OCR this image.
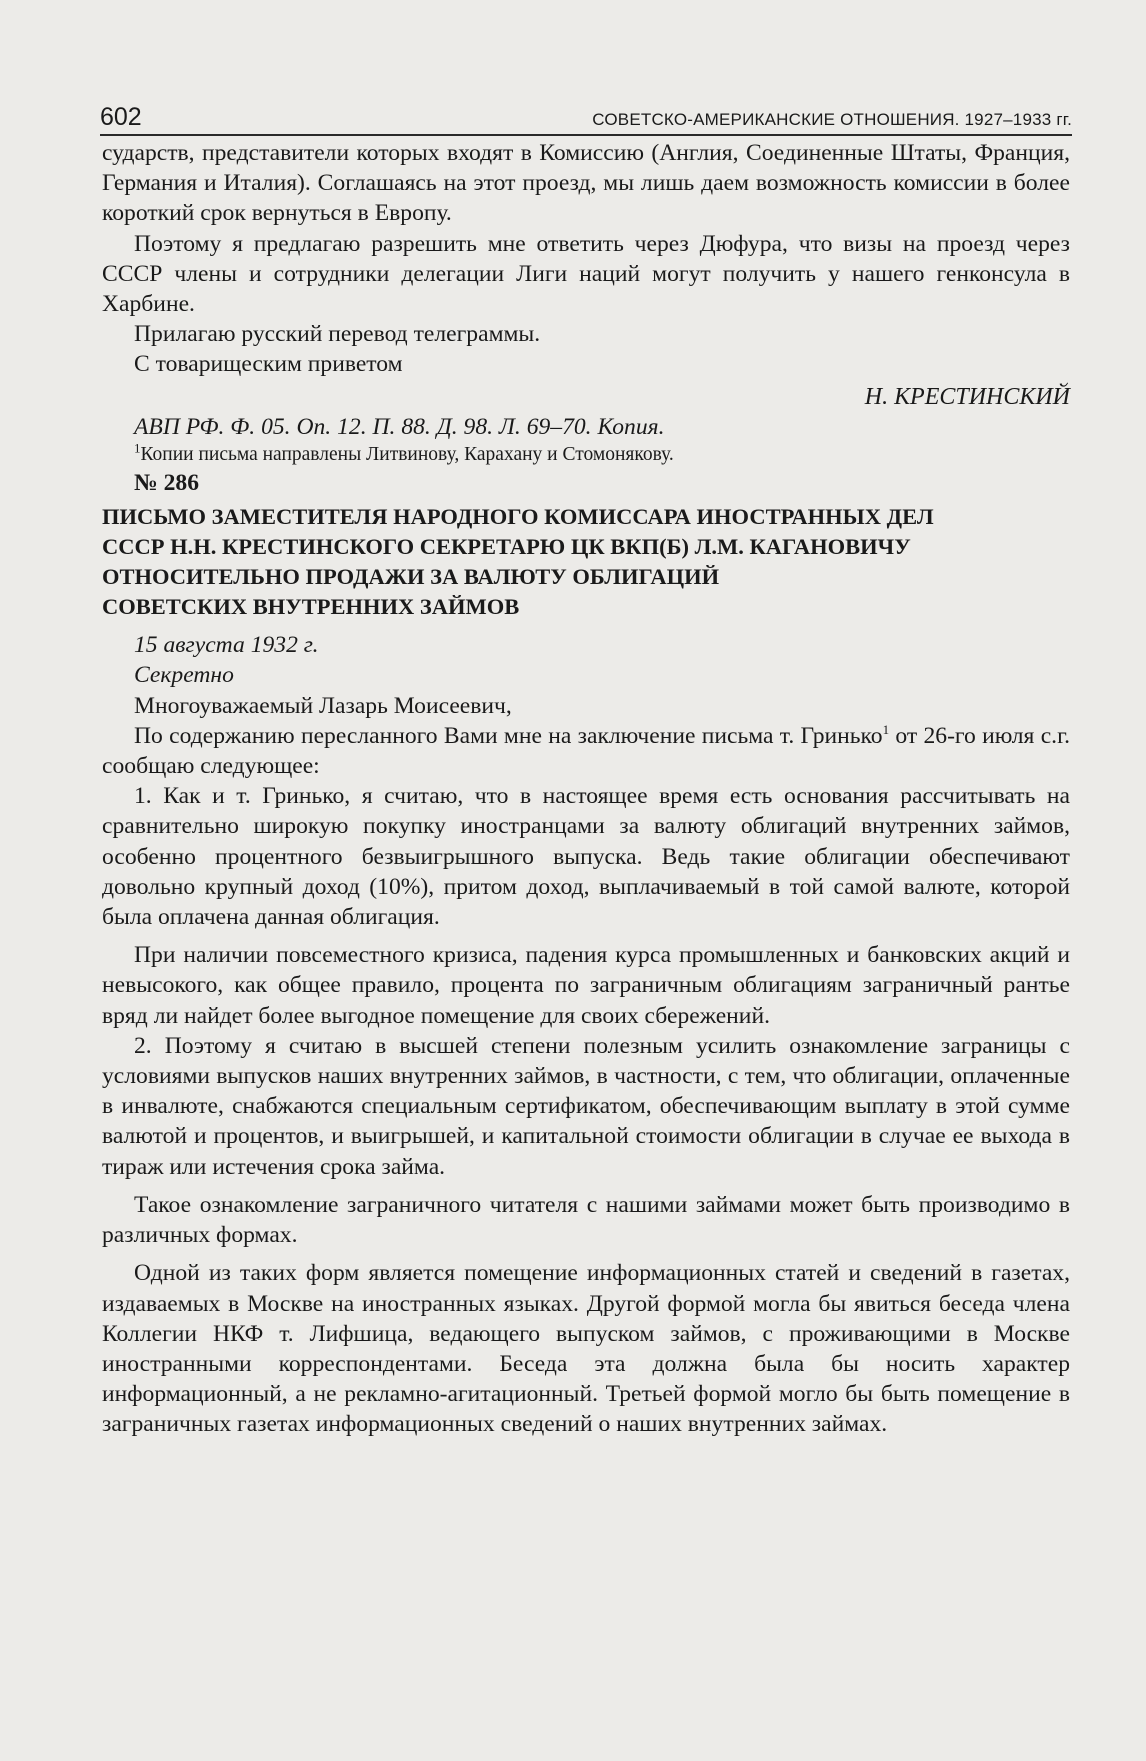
602	СОВЕТСКО-АМЕРИКАНСКИЕ ОТНОШЕНИЯ. 1927–1933 гг.

сударств, представители которых входят в Комиссию (Англия, Соединенные Штаты, Франция, Германия и Италия). Соглашаясь на этот проезд, мы лишь даем возможность комиссии в более короткий срок вернуться в Европу.

Поэтому я предлагаю разрешить мне ответить через Дюфура, что визы на проезд через СССР члены и сотрудники делегации Лиги наций могут получить у нашего генконсула в Харбине.

Прилагаю русский перевод телеграммы.

С товарищеским приветом

Н. КРЕСТИНСКИЙ

АВП РФ. Ф. 05. Оп. 12. П. 88. Д. 98. Л. 69–70. Копия.

$^1$Копии письма направлены Литвинову, Карахану и Стомонякову.

№ 286

ПИСЬМО ЗАМЕСТИТЕЛЯ НАРОДНОГО КОМИССАРА ИНОСТРАННЫХ ДЕЛ
СССР Н.Н. КРЕСТИНСКОГО СЕКРЕТАРЮ ЦК ВКП(Б) Л.М. КАГАНОВИЧУ
ОТНОСИТЕЛЬНО ПРОДАЖИ ЗА ВАЛЮТУ ОБЛИГАЦИЙ
СОВЕТСКИХ ВНУТРЕННИХ ЗАЙМОВ

15 августа 1932 г.

Секретно

Многоуважаемый Лазарь Моисеевич,

По содержанию пересланного Вами мне на заключение письма т. Гринько$^1$ от 26-го июля с.г. сообщаю следующее:

1. Как и т. Гринько, я считаю, что в настоящее время есть основания рассчитывать на сравнительно широкую покупку иностранцами за валюту облигаций внутренних займов, особенно процентного безвыигрышного выпуска. Ведь такие облигации обеспечивают довольно крупный доход (10%), притом доход, выплачиваемый в той самой валюте, которой была оплачена данная облигация.

При наличии повсеместного кризиса, падения курса промышленных и банковских акций и невысокого, как общее правило, процента по заграничным облигациям заграничный рантье вряд ли найдет более выгодное помещение для своих сбережений.

2. Поэтому я считаю в высшей степени полезным усилить ознакомление заграницы с условиями выпусков наших внутренних займов, в частности, с тем, что облигации, оплаченные в инвалюте, снабжаются специальным сертификатом, обеспечивающим выплату в этой сумме валютой и процентов, и выигрышей, и капитальной стоимости облигации в случае ее выхода в тираж или истечения срока займа.

Такое ознакомление заграничного читателя с нашими займами может быть производимо в различных формах.

Одной из таких форм является помещение информационных статей и сведений в газетах, издаваемых в Москве на иностранных языках. Другой формой могла бы явиться беседа члена Коллегии НКФ т. Лифшица, ведающего выпуском займов, с проживающими в Москве иностранными корреспондентами. Беседа эта должна была бы носить характер информационный, а не рекламно-агитационный. Третьей формой могло бы быть помещение в заграничных газетах информационных сведений о наших внутренних займах.
